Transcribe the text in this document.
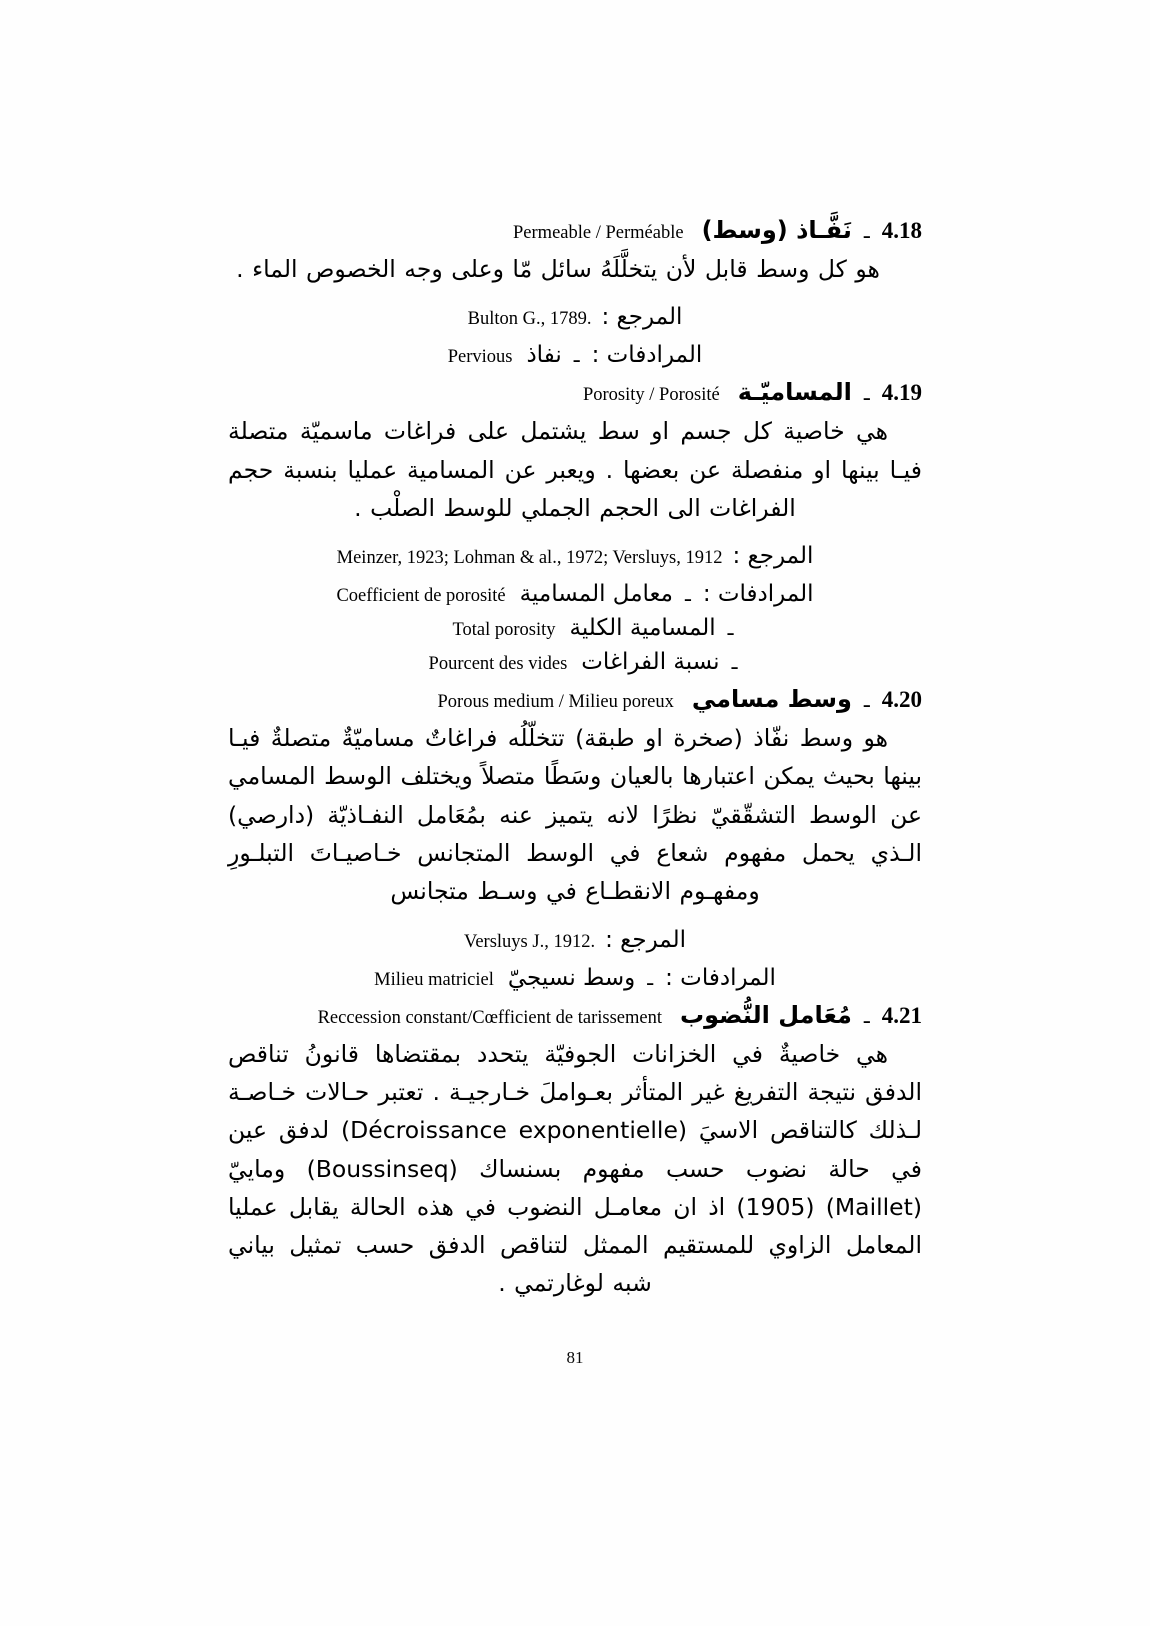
4.18
ـ
نَفَّـاذ (وسط)
Permeable / Perméable

هو كل وسط قابل لأن يتخلَّلَهُ سائل مّا وعلى وجه الخصوص الماء .

المرجع :
Bulton G., 1789.
المرادفات :
ـ
نفاذ
Pervious
4.19
ـ
المساميّـة
Porosity / Porosité

هي خاصية كل جسم او سط يشتمل على فراغات ماسميّة متصلة فيـا بينها او منفصلة عن بعضها . ويعبر عن المسامية عمليا بنسبة حجم الفراغات الى الحجم الجملي للوسط الصلْب .

المرجع :
Meinzer, 1923; Lohman & al., 1972; Versluys, 1912
المرادفات :
ـ
معامل المسامية
Coefficient de porosité
ـ
المسامية الكلية
Total porosity
ـ
نسبة الفراغات
Pourcent des vides
4.20
ـ
وسط مسامي
Porous medium / Milieu poreux

هو وسط نفّاذ (صخرة او طبقة) تتخلّلُه فراغاتٌ مساميّةٌ متصلةٌ فيـا بينها بحيث يمكن اعتبارها بالعيان وسَطًا متصلاً ويختلف الوسط المسامي عن الوسط التشقّقيّ نظرًا لانه يتميز عنه بمُعَامل النفـاذيّة (دارصي) الـذي يحمل مفهوم شعاع في الوسط المتجانس خـاصيـاتَ التبلـورِ ومفهـوم الانقطـاع في وسـط متجانس

المرجع :
Versluys J., 1912.
المرادفات :
ـ
وسط نسيجيّ
Milieu matriciel
4.21
ـ
مُعَامل النُّضوب
Reccession constant/Cœfficient de tarissement

هي خاصيةٌ في الخزانات الجوفيّة يتحدد بمقتضاها قانونُ تناقص الدفق نتيجة التفريغ غير المتأثر بعـواملَ خـارجيـة . تعتبر حـالات خـاصـة لـذلك كالتناقص الاسيَ (Décroissance exponentielle) لدفق عين في حالة نضوب حسب مفهوم بسنساك (Boussinseq) وماييّ (Maillet) (1905) اذ ان معامـل النضوب في هذه الحالة يقابل عمليا المعامل الزاوي للمستقيم الممثل لتناقص الدفق حسب تمثيل بياني شبه لوغارتمي .

81
